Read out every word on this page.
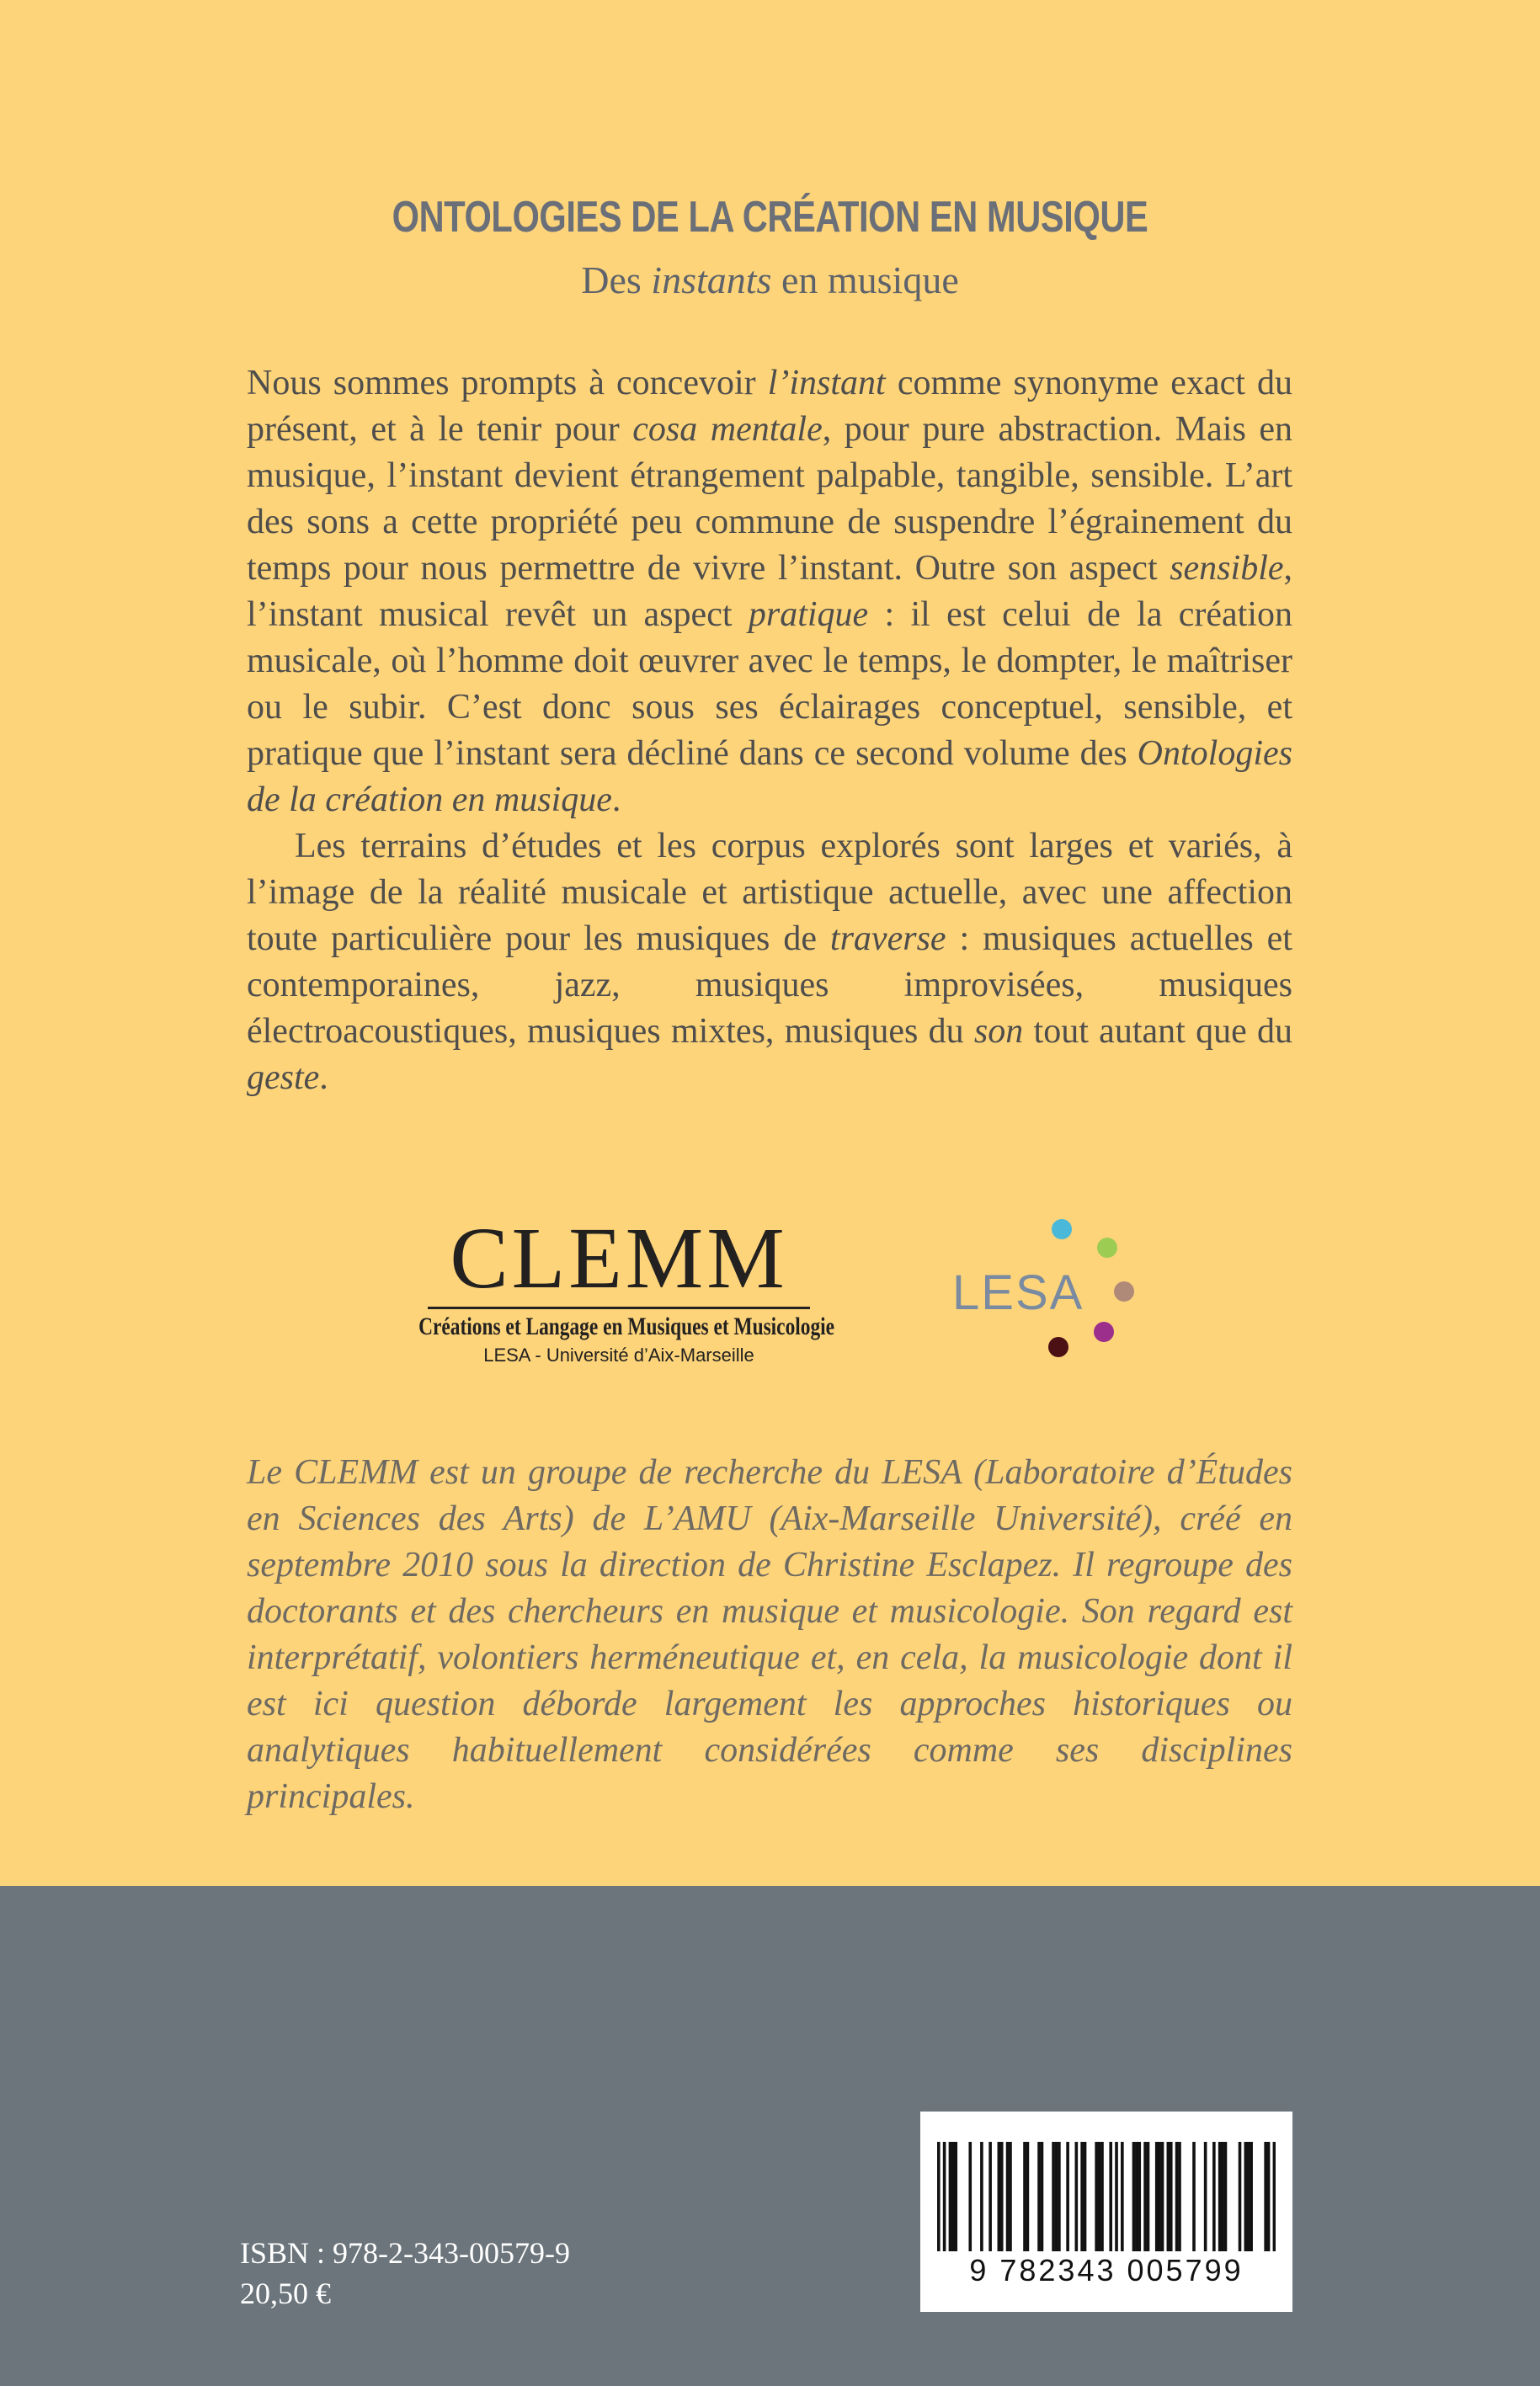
ONTOLOGIES DE LA CRÉATION EN MUSIQUE
Des instants en musique

Nous sommes prompts à concevoir l’instant comme synonyme exact du présent, et à le tenir pour cosa mentale, pour pure abstraction. Mais en musique, l’instant devient étrangement palpable, tangible, sensible. L’art des sons a cette propriété peu commune de suspendre l’égrainement du temps pour nous permettre de vivre l’instant. Outre son aspect sensible, l’instant musical revêt un aspect pratique : il est celui de la création musicale, où l’homme doit œuvrer avec le temps, le dompter, le maîtriser ou le subir. C’est donc sous ses éclairages conceptuel, sensible, et pratique que l’instant sera décliné dans ce second volume des Ontologies de la création en musique.

Les terrains d’études et les corpus explorés sont larges et variés, à l’image de la réalité musicale et artistique actuelle, avec une affection toute particulière pour les musiques de traverse : musiques actuelles et contemporaines, jazz, musiques improvisées, musiques électroacoustiques, musiques mixtes, musiques du son tout autant que du geste.

CLEMM
Créations et Langage en Musiques et Musicologie
LESA - Université d’Aix-Marseille
LESA
Le CLEMM est un groupe de recherche du LESA (Laboratoire d’Études en Sciences des Arts) de L’AMU (Aix-Marseille Université), créé en septembre 2010 sous la direction de Christine Esclapez. Il regroupe des doctorants et des chercheurs en musique et musicologie. Son regard est interprétatif, volontiers herméneutique et, en cela, la musicologie dont il est ici question déborde largement les approches historiques ou analytiques habituellement considérées comme ses disciplines principales.
ISBN : 978-2-343-00579-9
20,50 €
9 782343 005799
